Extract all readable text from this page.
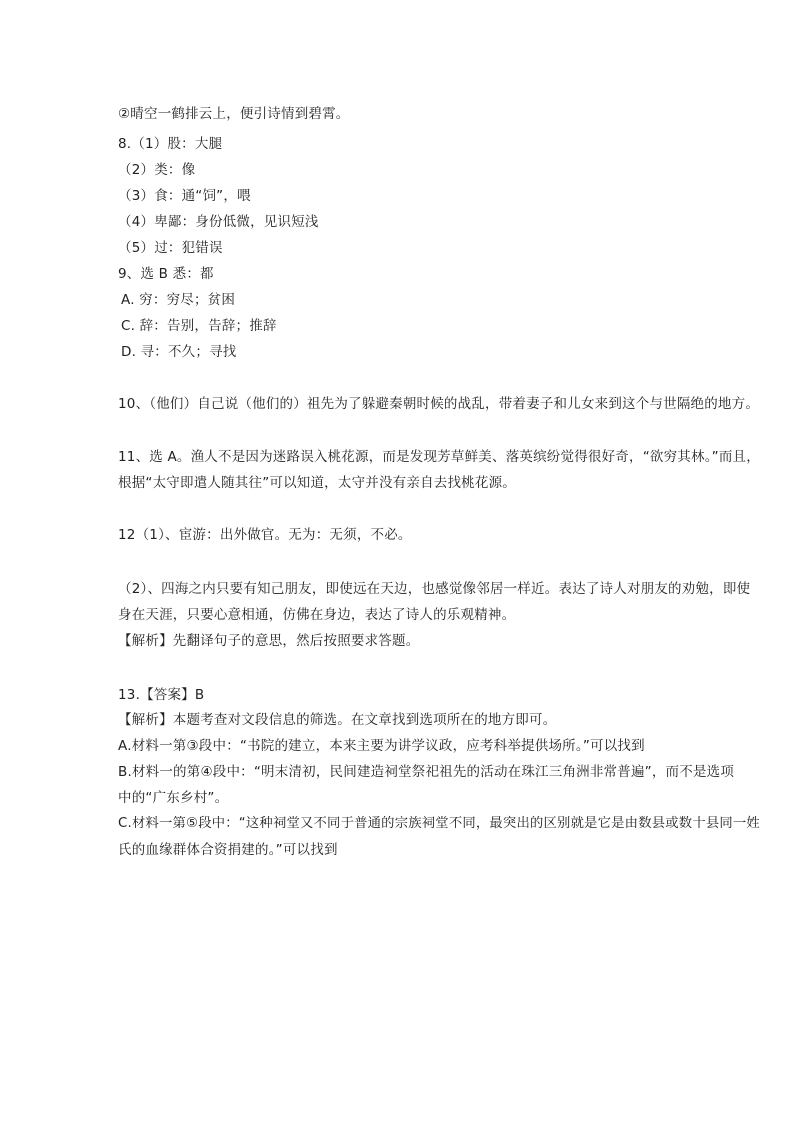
②晴空一鹤排云上，便引诗情到碧霄。
8.（1）股：大腿
（2）类：像
（3）食：通“饲”，喂
（4）卑鄙：身份低微，见识短浅
（5）过：犯错误
9、选 B 悉：都
A. 穷：穷尽；贫困
C. 辞：告别，告辞；推辞
D. 寻：不久；寻找
10、（他们）自己说（他们的）祖先为了躲避秦朝时候的战乱，带着妻子和儿女来到这个与世隔绝的地方。
11、选 A。渔人不是因为迷路误入桃花源，而是发现芳草鲜美、落英缤纷觉得很好奇，“欲穷其林。”而且，
根据“太守即遣人随其往”可以知道，太守并没有亲自去找桃花源。
12（1）、宦游：出外做官。无为：无须，不必。
（2）、四海之内只要有知己朋友，即使远在天边，也感觉像邻居一样近。表达了诗人对朋友的劝勉，即使
身在天涯，只要心意相通，仿佛在身边，表达了诗人的乐观精神。
【解析】先翻译句子的意思，然后按照要求答题。
13.【答案】B
【解析】本题考查对文段信息的筛选。在文章找到选项所在的地方即可。
A.材料一第③段中：“书院的建立，本来主要为讲学议政，应考科举提供场所。”可以找到
B.材料一的第④段中：“明末清初，民间建造祠堂祭祀祖先的活动在珠江三角洲非常普遍”，而不是选项
中的“广东乡村”。
C.材料一第⑤段中：“这种祠堂又不同于普通的宗族祠堂不同，最突出的区别就是它是由数县或数十县同一姓
氏的血缘群体合资捐建的。”可以找到
